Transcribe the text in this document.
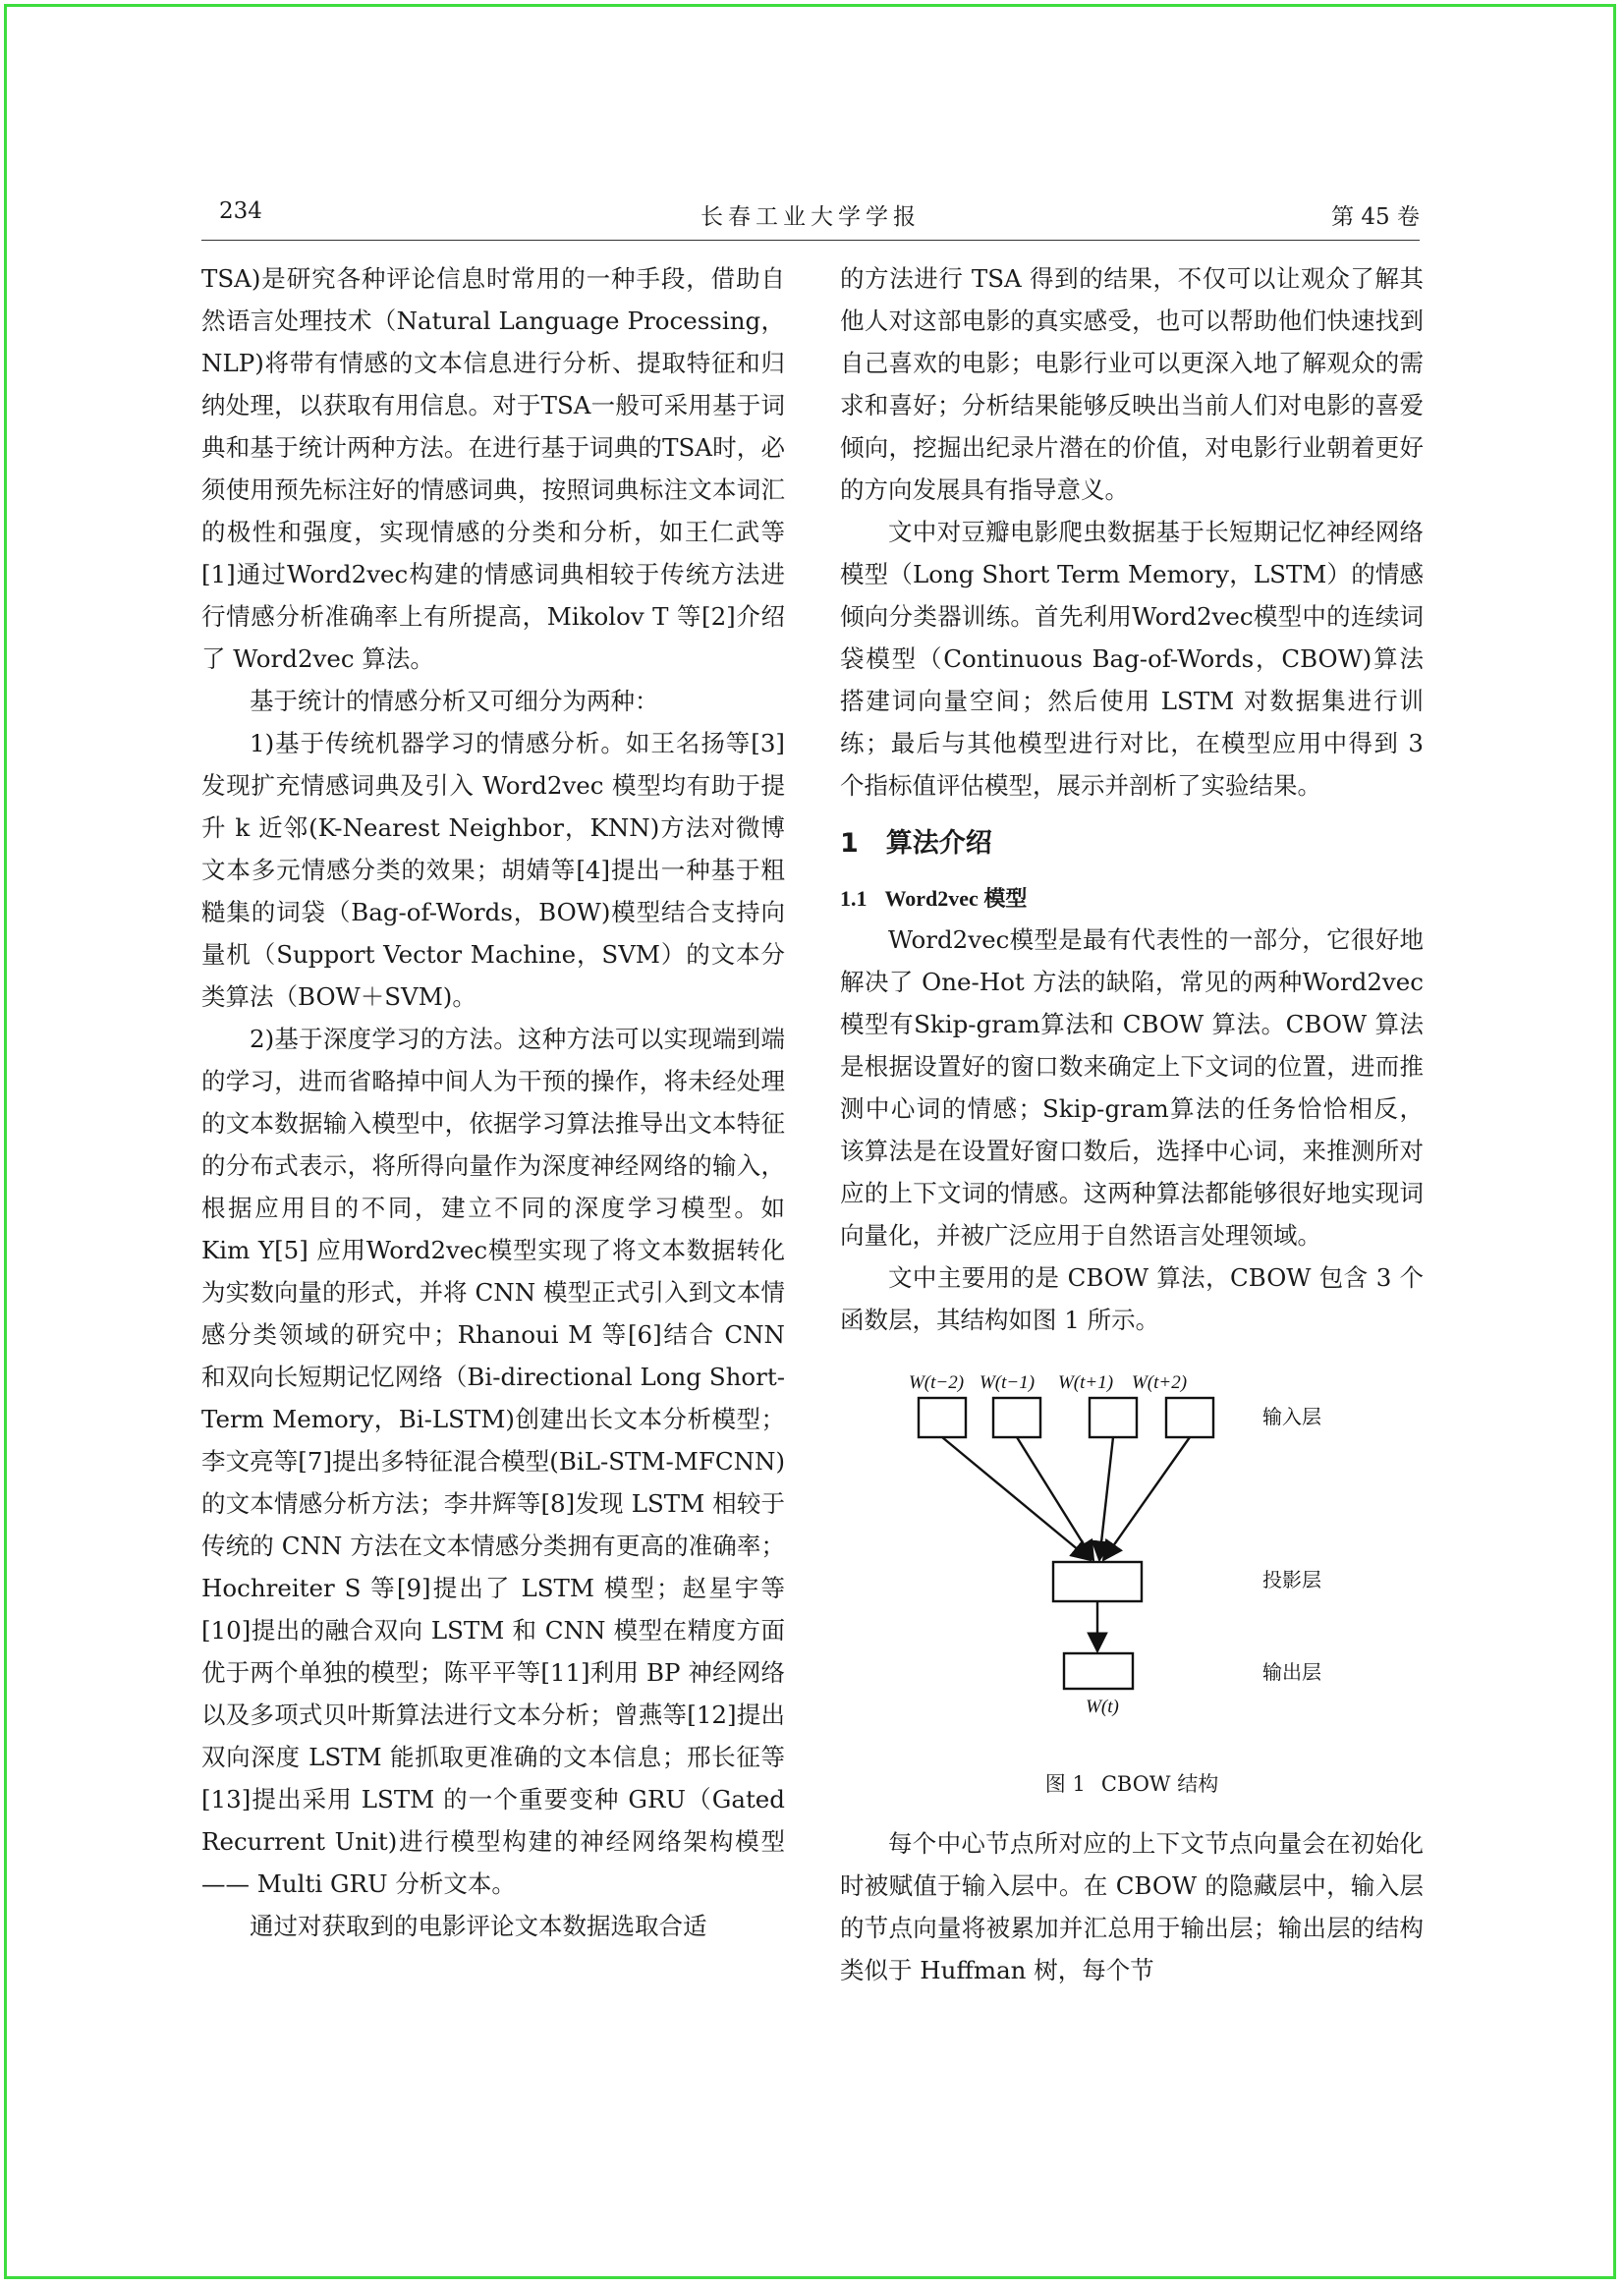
234	长春工业大学学报	第 45 卷

TSA)是研究各种评论信息时常用的一种手段，借助自然语言处理技术（Natural Language Processing，NLP)将带有情感的文本信息进行分析、提取特征和归纳处理，以获取有用信息。对于TSA一般可采用基于词典和基于统计两种方法。在进行基于词典的TSA时，必须使用预先标注好的情感词典，按照词典标注文本词汇的极性和强度，实现情感的分类和分析，如王仁武等[1]通过Word2vec构建的情感词典相较于传统方法进行情感分析准确率上有所提高，Mikolov T 等[2]介绍了 Word2vec 算法。

基于统计的情感分析又可细分为两种：

1)基于传统机器学习的情感分析。如王名扬等[3]发现扩充情感词典及引入 Word2vec 模型均有助于提升 k 近邻(K-Nearest Neighbor，KNN)方法对微博文本多元情感分类的效果；胡婧等[4]提出一种基于粗糙集的词袋（Bag-of-Words，BOW)模型结合支持向量机（Support Vector Machine，SVM）的文本分类算法（BOW＋SVM)。

2)基于深度学习的方法。这种方法可以实现端到端的学习，进而省略掉中间人为干预的操作，将未经处理的文本数据输入模型中，依据学习算法推导出文本特征的分布式表示，将所得向量作为深度神经网络的输入，根据应用目的不同，建立不同的深度学习模型。如 Kim Y[5] 应用Word2vec模型实现了将文本数据转化为实数向量的形式，并将 CNN 模型正式引入到文本情感分类领域的研究中；Rhanoui M 等[6]结合 CNN 和双向长短期记忆网络（Bi-directional Long Short-Term Memory，Bi-LSTM)创建出长文本分析模型；李文亮等[7]提出多特征混合模型(BiL-STM-MFCNN)的文本情感分析方法；李井辉等[8]发现 LSTM 相较于传统的 CNN 方法在文本情感分类拥有更高的准确率；Hochreiter S 等[9]提出了 LSTM 模型；赵星宇等[10]提出的融合双向 LSTM 和 CNN 模型在精度方面优于两个单独的模型；陈平平等[11]利用 BP 神经网络以及多项式贝叶斯算法进行文本分析；曾燕等[12]提出双向深度 LSTM 能抓取更准确的文本信息；邢长征等[13]提出采用 LSTM 的一个重要变种 GRU（Gated Recurrent Unit)进行模型构建的神经网络架构模型—— Multi GRU 分析文本。

通过对获取到的电影评论文本数据选取合适

的方法进行 TSA 得到的结果，不仅可以让观众了解其他人对这部电影的真实感受，也可以帮助他们快速找到自己喜欢的电影；电影行业可以更深入地了解观众的需求和喜好；分析结果能够反映出当前人们对电影的喜爱倾向，挖掘出纪录片潜在的价值，对电影行业朝着更好的方向发展具有指导意义。

文中对豆瓣电影爬虫数据基于长短期记忆神经网络模型（Long Short Term Memory，LSTM）的情感倾向分类器训练。首先利用Word2vec模型中的连续词袋模型（Continuous Bag-of-Words，CBOW)算法搭建词向量空间；然后使用 LSTM 对数据集进行训练；最后与其他模型进行对比，在模型应用中得到 3 个指标值评估模型，展示并剖析了实验结果。

1 算法介绍
1.1 Word2vec 模型

Word2vec模型是最有代表性的一部分，它很好地解决了 One-Hot 方法的缺陷，常见的两种Word2vec模型有Skip-gram算法和 CBOW 算法。CBOW 算法是根据设置好的窗口数来确定上下文词的位置，进而推测中心词的情感；Skip-gram算法的任务恰恰相反，该算法是在设置好窗口数后，选择中心词，来推测所对应的上下文词的情感。这两种算法都能够很好地实现词向量化，并被广泛应用于自然语言处理领域。

文中主要用的是 CBOW 算法，CBOW 包含 3 个函数层，其结构如图 1 所示。

W(t−2) W(t−1) W(t+1) W(t+2)
W(t)
输入层
投影层
输出层
图 1 CBOW 结构

每个中心节点所对应的上下文节点向量会在初始化时被赋值于输入层中。在 CBOW 的隐藏层中，输入层的节点向量将被累加并汇总用于输出层；输出层的结构类似于 Huffman 树，每个节
